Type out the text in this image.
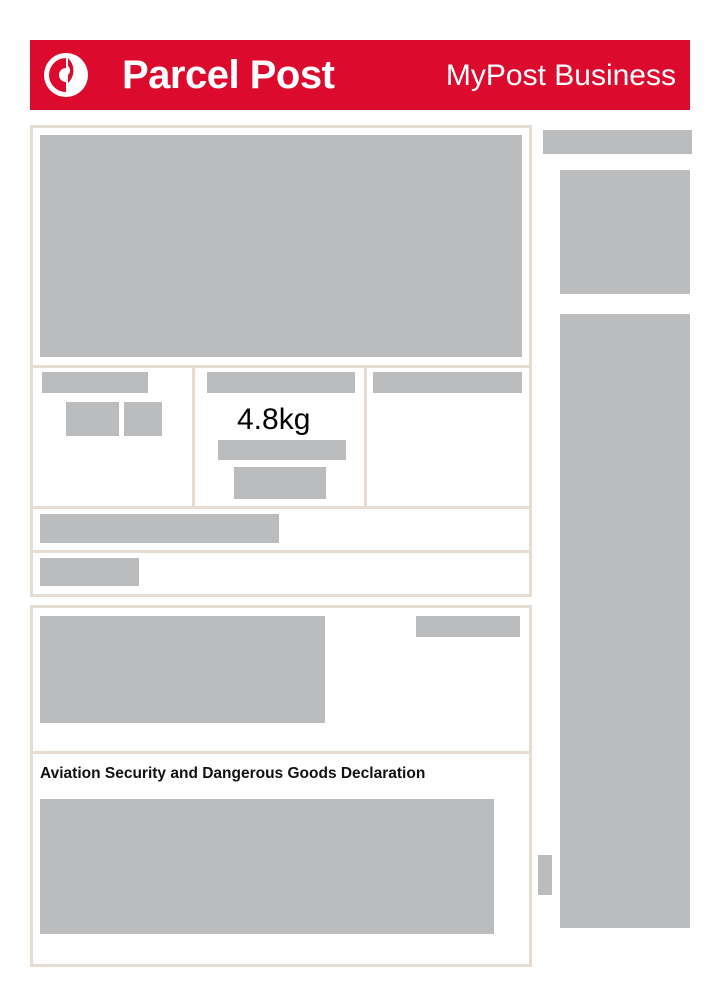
Parcel Post	MyPost Business
4.8kg
Aviation Security and Dangerous Goods Declaration
